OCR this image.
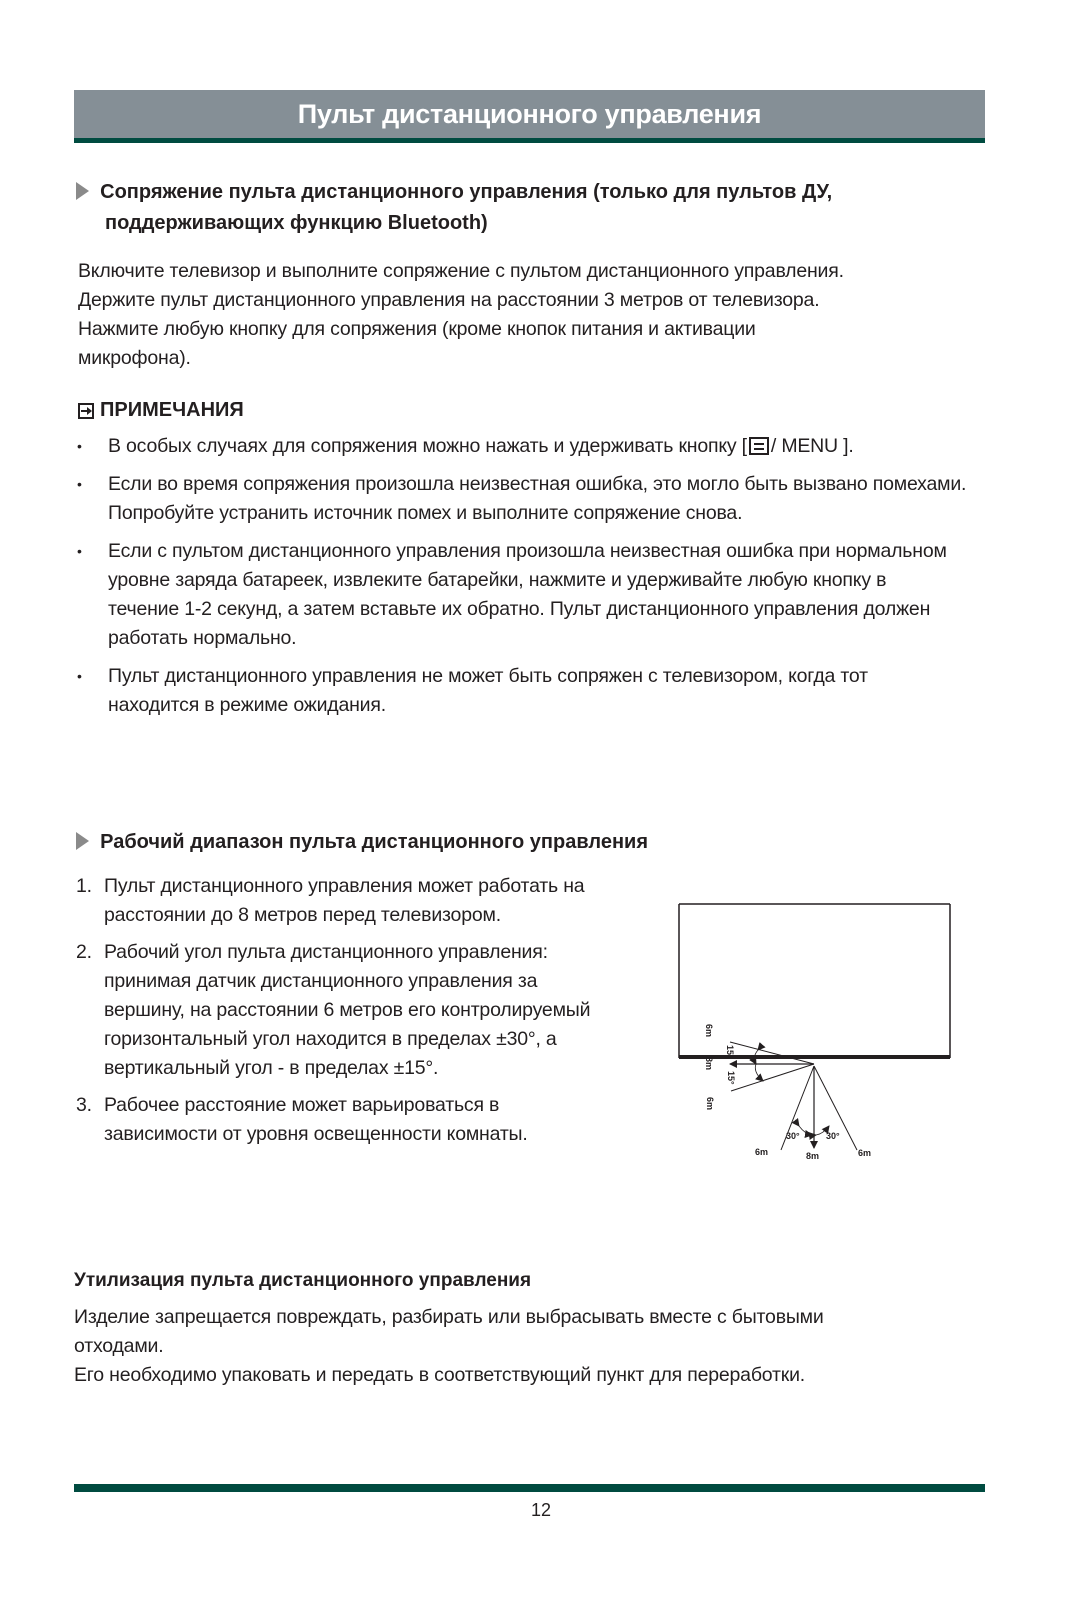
Пульт дистанционного управления
Сопряжение пульта дистанционного управления (только для пультов ДУ,
поддерживающих функцию Bluetooth)
Включите телевизор и выполните сопряжение с пультом дистанционного управления.
Держите пульт дистанционного управления на расстоянии 3 метров от телевизора.
Нажмите любую кнопку для сопряжения (кроме кнопок питания и активации
микрофона).
ПРИМЕЧАНИЯ
• В особых случаях для сопряжения можно нажать и удерживать кнопку [ / MENU ].
• Если во время сопряжения произошла неизвестная ошибка, это могло быть вызвано помехами. Попробуйте устранить источник помех и выполните сопряжение снова.
• Если с пультом дистанционного управления произошла неизвестная ошибка при нормальном уровне заряда батареек, извлеките батарейки, нажмите и удерживайте любую кнопку в течение 1-2 секунд, а затем вставьте их обратно. Пульт дистанционного управления должен работать нормально.
• Пульт дистанционного управления не может быть сопряжен с телевизором, когда тот находится в режиме ожидания.
Рабочий диапазон пульта дистанционного управления
1. Пульт дистанционного управления может работать на расстоянии до 8 метров перед телевизором.
2. Рабочий угол пульта дистанционного управления: принимая датчик дистанционного управления за вершину, на расстоянии 6 метров его контролируемый горизонтальный угол находится в пределах ±30°, а вертикальный угол - в пределах ±15°.
3. Рабочее расстояние может варьироваться в зависимости от уровня освещенности комнаты.
6m
8m
6m
15°
15°
30°	30°
6m	8m	6m
Утилизация пульта дистанционного управления
Изделие запрещается повреждать, разбирать или выбрасывать вместе с бытовыми
отходами.
Его необходимо упаковать и передать в соответствующий пункт для переработки.
12
